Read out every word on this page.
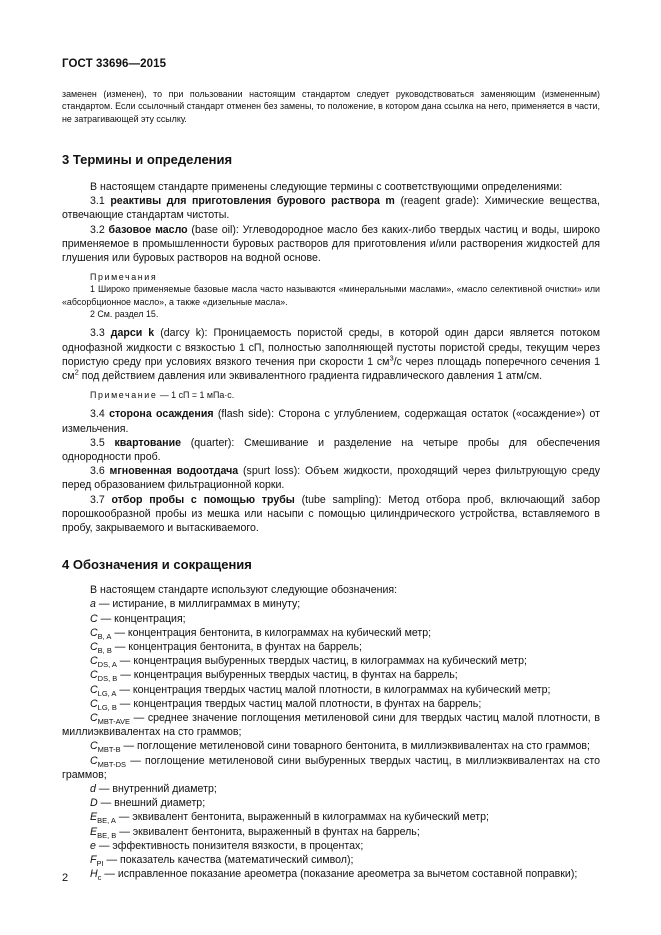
ГОСТ 33696—2015

заменен (изменен), то при пользовании настоящим стандартом следует руководствоваться заменяющим (измененным) стандартом. Если ссылочный стандарт отменен без замены, то положение, в котором дана ссылка на него, применяется в части, не затрагивающей эту ссылку.

3 Термины и определения

В настоящем стандарте применены следующие термины с соответствующими определениями:

3.1 реактивы для приготовления бурового раствора m (reagent grade): Химические вещества, отвечающие стандартам чистоты.

3.2 базовое масло (base oil): Углеводородное масло без каких-либо твердых частиц и воды, широко применяемое в промышленности буровых растворов для приготовления и/или растворения жидкостей для глушения или буровых растворов на водной основе.

Примечания

1 Широко применяемые базовые масла часто называются «минеральными маслами», «масло селективной очистки» или «абсорбционное масло», а также «дизельные масла».

2 См. раздел 15.

3.3 дарси k (darcy k): Проницаемость пористой среды, в которой один дарси является потоком однофазной жидкости с вязкостью 1 сП, полностью заполняющей пустоты пористой среды, текущим через пористую среду при условиях вязкого течения при скорости 1 $см^3/с$ через площадь поперечного сечения 1 $см^2$ под действием давления или эквивалентного градиента гидравлического давления 1 атм/см.

Примечание — 1 сП = 1 мПа·с.

3.4 сторона осаждения (flash side): Сторона с углублением, содержащая остаток («осаждение») от измельчения.

3.5 квартование (quarter): Смешивание и разделение на четыре пробы для обеспечения однородности проб.

3.6 мгновенная водоотдача (spurt loss): Объем жидкости, проходящий через фильтрующую среду перед образованием фильтрационной корки.

3.7 отбор пробы с помощью трубы (tube sampling): Метод отбора проб, включающий забор порошкообразной пробы из мешка или насыпи с помощью цилиндрического устройства, вставляемого в пробу, закрываемого и вытаскиваемого.

4 Обозначения и сокращения

В настоящем стандарте используют следующие обозначения:

a — истирание, в миллиграммах в минуту;

C — концентрация;

$C_{B, A}$ — концентрация бентонита, в килограммах на кубический метр;

$C_{B, B}$ — концентрация бентонита, в фунтах на баррель;

$C_{DS, A}$ — концентрация выбуренных твердых частиц, в килограммах на кубический метр;

$C_{DS, B}$ — концентрация выбуренных твердых частиц, в фунтах на баррель;

$C_{LG, A}$ — концентрация твердых частиц малой плотности, в килограммах на кубический метр;

$C_{LG, B}$ — концентрация твердых частиц малой плотности, в фунтах на баррель;

$C_{MBT-AVE}$ — среднее значение поглощения метиленовой сини для твердых частиц малой плотности, в миллиэквивалентах на сто граммов;

$C_{MBT-B}$ — поглощение метиленовой сини товарного бентонита, в миллиэквивалентах на сто граммов;

$C_{MBT-DS}$ — поглощение метиленовой сини выбуренных твердых частиц, в миллиэквивалентах на сто граммов;

d — внутренний диаметр;

D — внешний диаметр;

$E_{BE, A}$ — эквивалент бентонита, выраженный в килограммах на кубический метр;

$E_{BE, B}$ — эквивалент бентонита, выраженный в фунтах на баррель;

e — эффективность понизителя вязкости, в процентах;

$F_{PI}$ — показатель качества (математический символ);

$H_c$ — исправленное показание ареометра (показание ареометра за вычетом составной поправки);

2
